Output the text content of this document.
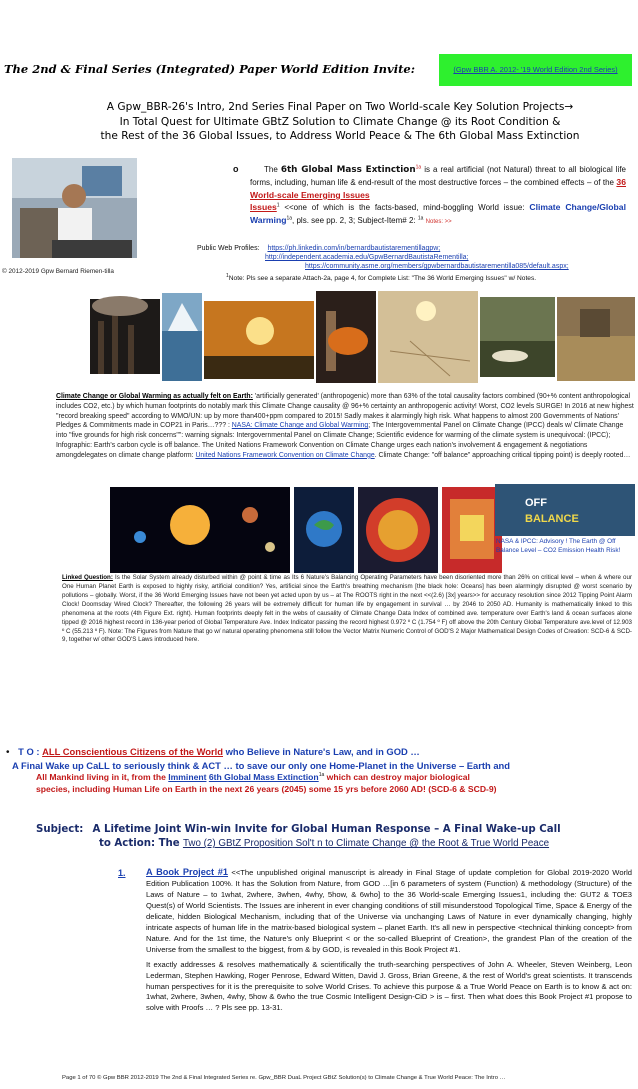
The 2nd & Final Series (Integrated) Paper World Edition Invite:	(Gpw BBR A. 2012- '19 World Edition 2nd Series)
A Gpw_BBR-26's Intro, 2nd Series Final Paper on Two World-scale Key Solution Projects→
In Total Quest for Ultimate GBtZ Solution to Climate Change @ its Root Condition &
the Rest of the 36 Global Issues, to Address World Peace & The 6th Global Mass Extinction
© 2012-2019 Gpw Bernard Riemen-tilla
o	The 6th Global Mass Extinction$^{1a}$ is a real artificial (not Natural) threat to all biological life forms, including, human life & end-result of the most destructive forces – the combined effects – of the 36 World-scale Emerging Issues
Issues$^1$ <<one of which is the facts-based, mind-boggling World issue: Climate Change/Global Warming$^{1a}$, pls. see pp. 2, 3; Subject-Item# 2: $^{1a}$ Notes: >>
Public Web Profiles: https://ph.linkedin.com/in/bernardbautistarementillagpw;
http://independent.academia.edu/GpwBernardBautistaRementilla;
https://community.asme.org/members/gpwbernardbautistarementilla085/default.aspx;
$^1$Note: Pls see a separate Attach-2a, page 4, for Complete List: "The 36 World Emerging Issues" w/ Notes.
Climate Change or Global Warming as actually felt on Earth: 'artificially generated' (anthropogenic) more than 63% of the total causality factors combined (90+% content anthropological includes CO2, etc.) by which human footprints do notably mark this Climate Change causality @ 96+% certainty an anthropogenic activity! Worst, CO2 levels SURGE! In 2016 at new highest "record breaking speed" according to WMO/UN: up by more than400+ppm compared to 2015! Sadly makes it alarmingly high risk. What happens to almost 200 Governments of Nations' Pledges & Commitments made in COP21 in Paris…??? : NASA: Climate Change and Global Warming; The Intergovernmental Panel on Climate Change (IPCC) deals w/ Climate Change into "five grounds for high risk concerns"": warning signals: Intergovernmental Panel on Climate Change; Scientific evidence for warming of the climate system is unequivocal: (IPCC); Infographic: Earth's carbon cycle is off balance. The United Nations Framework Convention on Climate Change urges each nation's involvement & engagement & negotiations amongdelegates on climate change platform: United Nations Framework Convention on Climate Change. Climate Change: "off balance" approaching critical tipping point) is deeply rooted…
OFF
BALANCE
NASA & IPCC: Advisory ! The Earth @ Off Balance Level – CO2 Emission Health Risk!
Linked Question: Is the Solar System already disturbed within @ point & time as Its 6 Nature's Balancing Operating Parameters have been disoriented more than 26% on critical level – when & where our One Human Planet Earth is exposed to highly risky, artificial condition? Yes, artificial since the Earth's breathing mechanism [the black hole: Oceans] has been alarmingly disrupted @ worst scenario by pollutions – globally. Worst, if the 36 World Emerging Issues have not been yet acted upon by us – at The ROOTS right in the next <<(2.6) [3x] years>> for accuracy resolution since 2012 Tipping Point Alarm Clock! Doomsday Wired Clock? Thereafter, the following 26 years will be extremely difficult for human life by engagement in survival … by 2046 to 2050 AD. Humanity is mathematically linked to this phenomena at the roots (4th Figure Ext. right). Human footprints deeply felt in the webs of causality of Climate Change Data Index of combined ave. temperature over Earth's land & ocean surfaces alone tipped @ 2016 highest record in 136-year period of Global Temperature Ave. Index Indicator passing the record highest 0.972 º C (1.754 º F) off above the 20th Century Global Temperature ave.level of 12.903 º C (55.213 º F). Note: The Figures from Nature that go w/ natural operating phenomena still follow the Vector Matrix Numeric Control of GOD'S 2 Major Mathematical Design Codes of Creation: SCD-6 & SCD-9, together w/ other GOD'S Laws introduced here.
• T O : ALL Conscientious Citizens of the World who Believe in Nature's Law, and in GOD …
A Final Wake up CaLL to seriously think & ACT … to save our only one Home-Planet in the Universe – Earth and
All Mankind living in it, from the Imminent 6th Global Mass Extinction$^{1a}$ which can destroy major biological
species, including Human Life on Earth in the next 26 years (2045) some 15 yrs before 2060 AD! (SCD-6 & SCD-9)
Subject: A Lifetime Joint Win-win Invite for Global Human Response – A Final Wake-up Call
to Action: The Two (2) GBtZ Proposition Sol't n to Climate Change @ the Root & True World Peace
1. A Book Project #1 <<The unpublished original manuscript is already in Final Stage of update completion for Global 2019-2020 World Edition Publication 100%. It has the Solution from Nature, from GOD …[in 6 parameters of system (Function) & methodology (Structure) of the Laws of Nature – to 1what, 2where, 3when, 4why, 5how, & 6who] to the 36 World-scale Emerging Issues1, including the: GUT2 & TOE3 Quest(s) of World Scientists. The Issues are inherent in ever changing conditions of still misunderstood Topological Time, Space & Energy of the delicate, hidden Biological Mechanism, including that of the Universe via unchanging Laws of Nature in ever dynamically changing, highly intricate aspects of human life in the matrix-based biological system – planet Earth. It's all new in perspective <technical thinking concept> from Nature. And for the 1st time, the Nature's only Blueprint < or the so-called Blueprint of Creation>, the grandest Plan of the creation of the Universe from the smallest to the biggest, from & by GOD, is revealed in this Book Project #1.

It exactly addresses & resolves mathematically & scientifically the truth-searching perspectives of John A. Wheeler, Steven Weinberg, Leon Lederman, Stephen Hawking, Roger Penrose, Edward Witten, David J. Gross, Brian Greene, & the rest of World's great scientists. It transcends human perspectives for it is the prerequisite to solve World Crises. To achieve this purpose & a True World Peace on Earth is to know & act on: 1what, 2where, 3when, 4why, 5how & 6who the true Cosmic Intelligent Design-CiD > is – first. Then what does this Book Project #1 propose to solve with Proofs … ? Pls see pp. 13-31.

Page 1 of 70 © Gpw BBR 2012-2019 The 2nd & Final Integrated Series re. Gpw_BBR DuaL Project GBtZ Solution(s) to Climate Change & True World Peace: The Intro …
